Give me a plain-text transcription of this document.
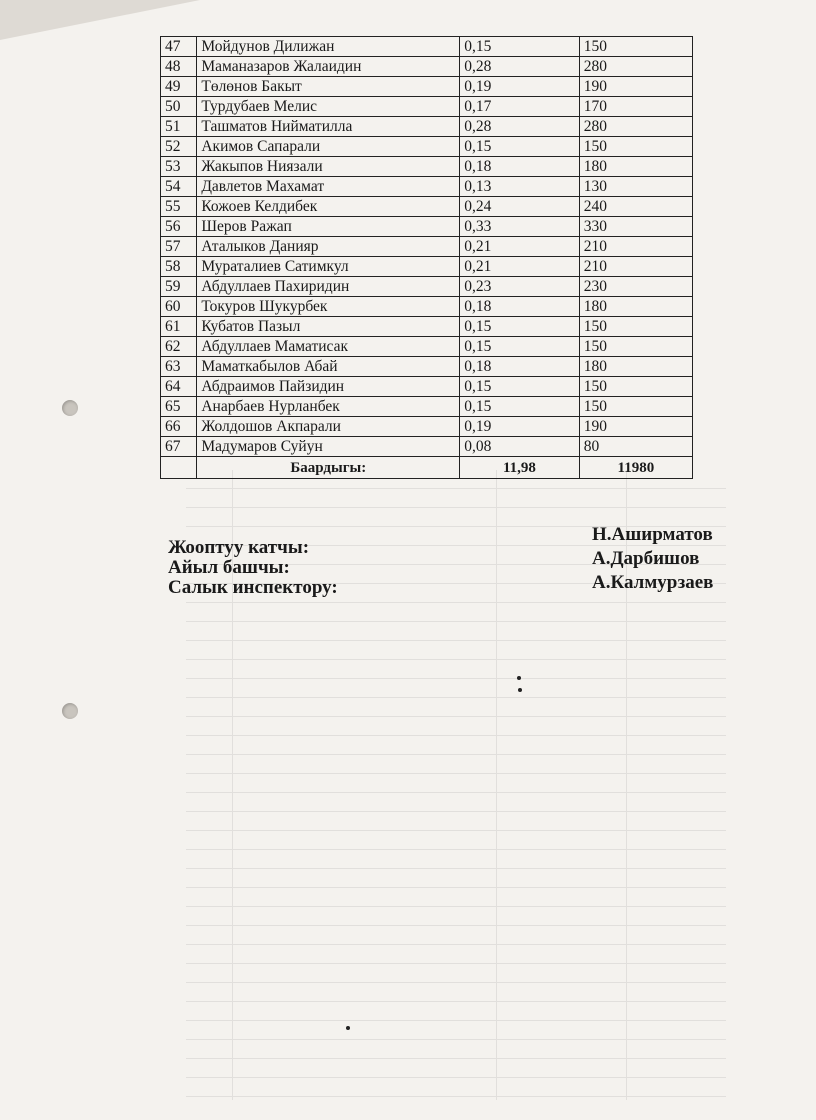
47	Мойдунов Дилижан	0,15	150
48	Маманазаров Жалаидин	0,28	280
49	Төлөнов Бакыт	0,19	190
50	Турдубаев Мелис	0,17	170
51	Ташматов Нийматилла	0,28	280
52	Акимов Сапарали	0,15	150
53	Жакыпов Ниязали	0,18	180
54	Давлетов Махамат	0,13	130
55	Кожоев Келдибек	0,24	240
56	Шеров Ражап	0,33	330
57	Аталыков Данияр	0,21	210
58	Мураталиев Сатимкул	0,21	210
59	Абдуллаев Пахиридин	0,23	230
60	Токуров Шукурбек	0,18	180
61	Кубатов Пазыл	0,15	150
62	Абдуллаев Маматисак	0,15	150
63	Маматкабылов Абай	0,18	180
64	Абдраимов Пайзидин	0,15	150
65	Анарбаев Нурланбек	0,15	150
66	Жолдошов Акпарали	0,19	190
67	Мадумаров Суйун	0,08	80
	Баардыгы:	11,98	11980
Жооптуу катчы:
Айыл башчы:
Салык инспектору:
Н.Аширматов
А.Дарбишов
А.Калмурзаев
